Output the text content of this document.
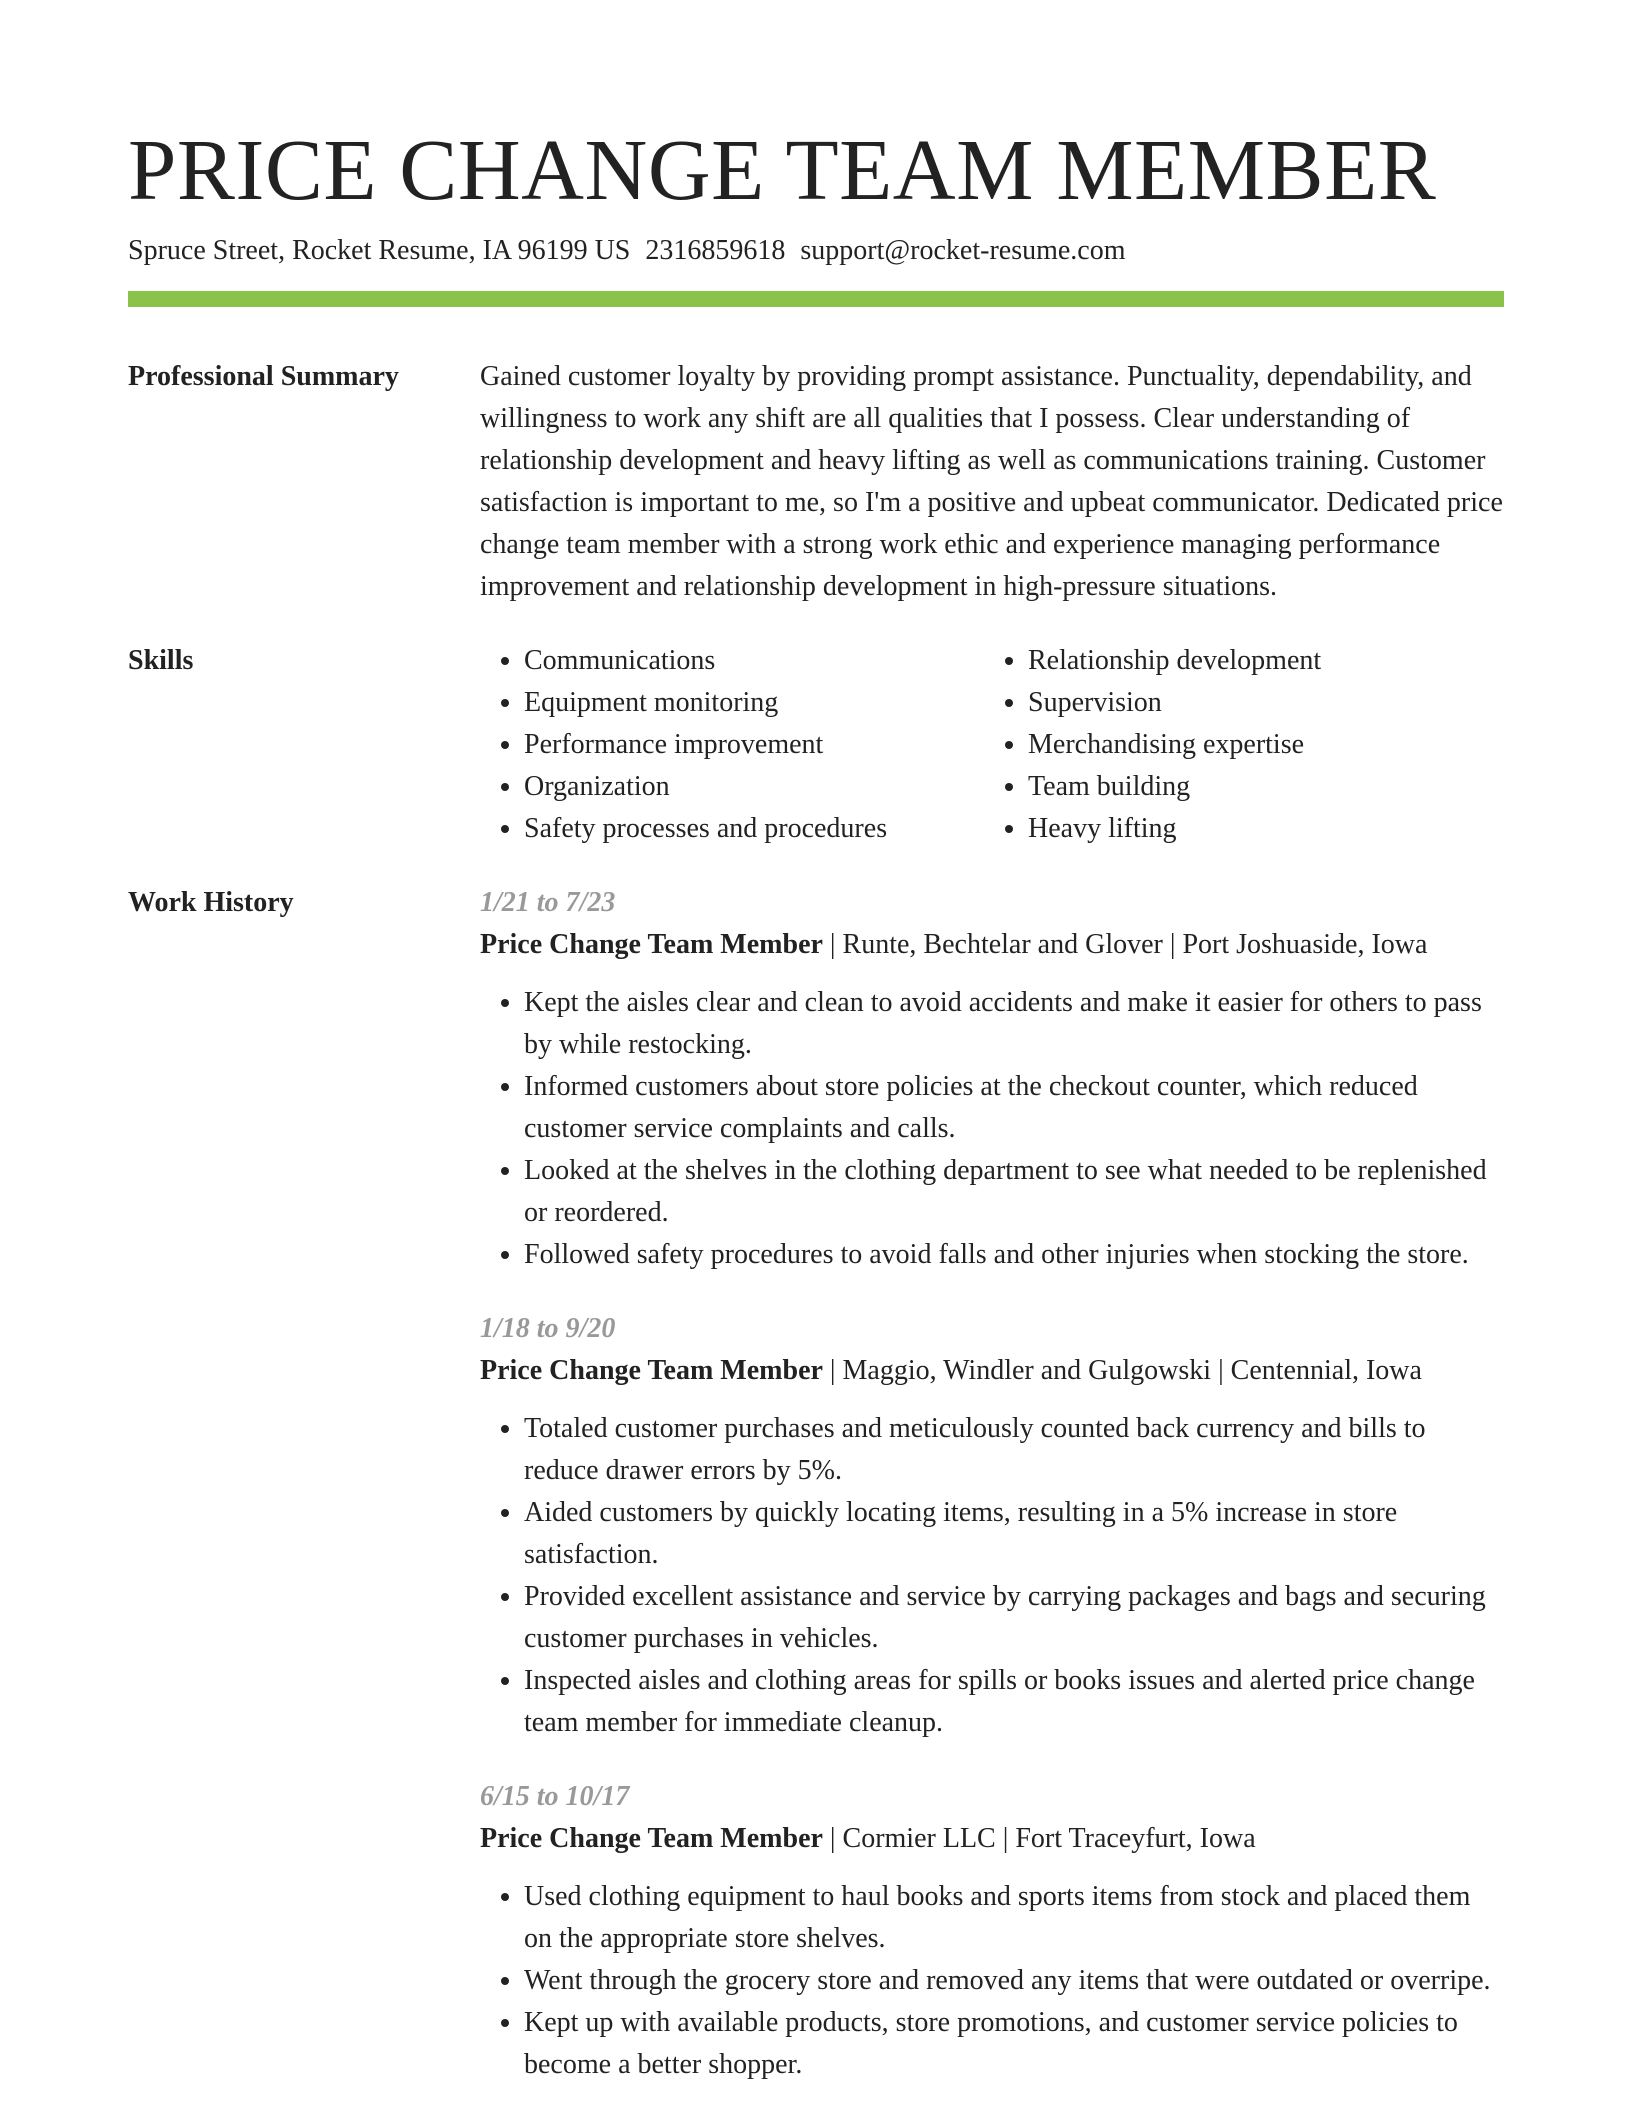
PRICE CHANGE TEAM MEMBER
Spruce Street, Rocket Resume, IA 96199 US 2316859618 support@rocket-resume.com
Professional Summary	Gained customer loyalty by providing prompt assistance. Punctuality, dependability, and willingness to work any shift are all qualities that I possess. Clear understanding of relationship development and heavy lifting as well as communications training. Customer satisfaction is important to me, so I'm a positive and upbeat communicator. Dedicated price change team member with a strong work ethic and experience managing performance improvement and relationship development in high-pressure situations.
Skills
•	Communications
• Equipment monitoring
• Performance improvement
• Organization
• Safety processes and procedures
• Relationship development
• Supervision
• Merchandising expertise
• Team building
• Heavy lifting
Work History	1/21 to 7/23
Price Change Team Member | Runte, Bechtelar and Glover | Port Joshuaside, Iowa
• Kept the aisles clear and clean to avoid accidents and make it easier for others to pass by while restocking.
• Informed customers about store policies at the checkout counter, which reduced customer service complaints and calls.
• Looked at the shelves in the clothing department to see what needed to be replenished or reordered.
• Followed safety procedures to avoid falls and other injuries when stocking the store.
1/18 to 9/20
Price Change Team Member | Maggio, Windler and Gulgowski | Centennial, Iowa
• Totaled customer purchases and meticulously counted back currency and bills to reduce drawer errors by 5%.
• Aided customers by quickly locating items, resulting in a 5% increase in store satisfaction.
• Provided excellent assistance and service by carrying packages and bags and securing customer purchases in vehicles.
• Inspected aisles and clothing areas for spills or books issues and alerted price change team member for immediate cleanup.
6/15 to 10/17
Price Change Team Member | Cormier LLC | Fort Traceyfurt, Iowa
• Used clothing equipment to haul books and sports items from stock and placed them on the appropriate store shelves.
• Went through the grocery store and removed any items that were outdated or overripe.
• Kept up with available products, store promotions, and customer service policies to become a better shopper.
